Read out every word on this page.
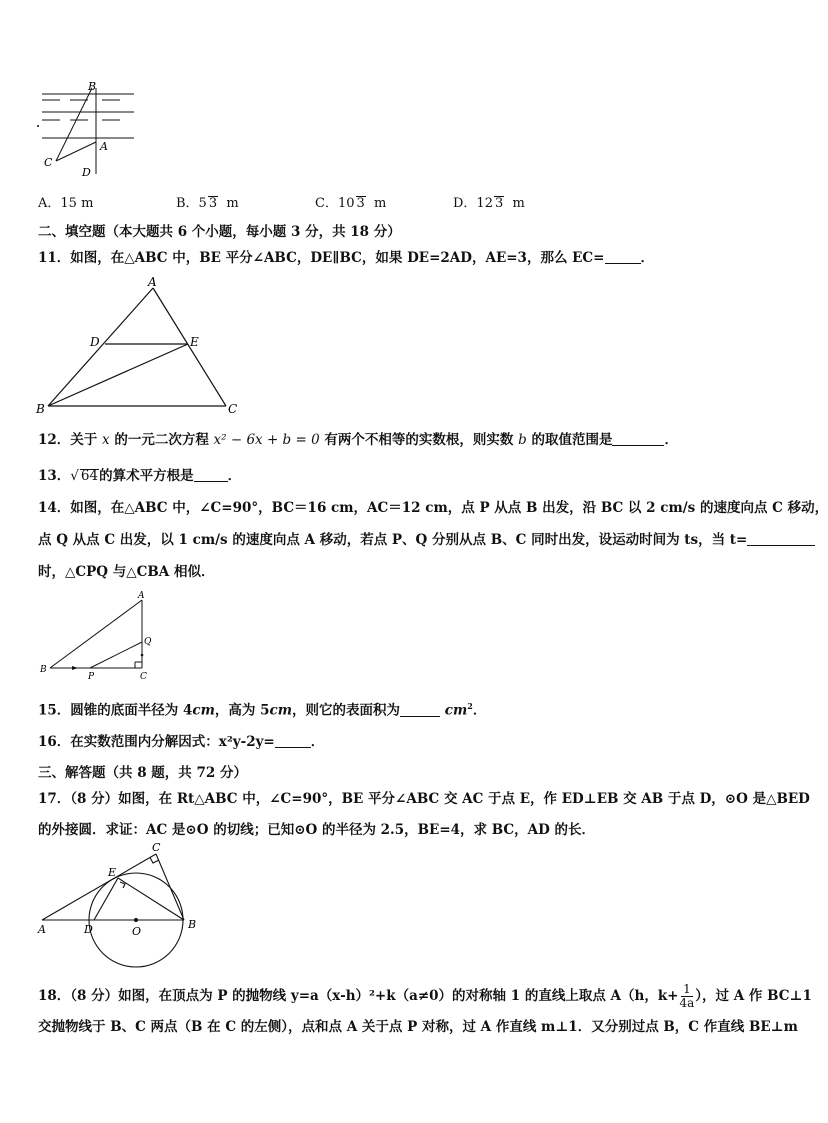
B
C
D
A
A．15 m	B．5 3 m	C．10 3 m	D．12 3 m
二、填空题（本大题共 6 个小题，每小题 3 分，共 18 分）
11．如图，在△ABC 中，BE 平分∠ABC，DE∥BC，如果 DE=2AD，AE=3，那么 EC=	．
A
D	E
B	C
12．关于 x 的一元二次方程 x² − 6x + b = 0 有两个不相等的实数根，则实数 b 的取值范围是	．
13．√ 64的算术平方根是	．
14．如图，在△ABC 中，∠C=90°，BC＝16 cm，AC＝12 cm，点 P 从点 B 出发，沿 BC 以 2 cm/s 的速度向点 C 移动，
点 Q 从点 C 出发，以 1 cm/s 的速度向点 A 移动，若点 P、Q 分别从点 B、C 同时出发，设运动时间为 ts，当 t=
时，△CPQ 与△CBA 相似．
A
Q
B
P	C
15．圆锥的底面半径为 4cm，高为 5cm，则它的表面积为	$cm^2$．
16．在实数范围内分解因式：x²y-2y=	．
三、解答题（共 8 题，共 72 分）
17．（8 分）如图，在 Rt△ABC 中，∠C=90°，BE 平分∠ABC 交 AC 于点 E，作 ED⊥EB 交 AB 于点 D，⊙O 是△BED
的外接圆．求证：AC 是⊙O 的切线；已知⊙O 的半径为 2.5，BE=4，求 BC，AD 的长．
C
E
A	D	O
B
18．（8 分）如图，在顶点为 P 的抛物线 y=a（x-h）²+k（a≠0）的对称轴 1 的直线上取点 A（h，$k+ \frac{1}{4a}$ ），过 A 作 BC⊥1
交抛物线于 B、C 两点（B 在 C 的左侧），点和点 A 关于点 P 对称，过 A 作直线 m⊥1．又分别过点 B，C 作直线 BE⊥m
